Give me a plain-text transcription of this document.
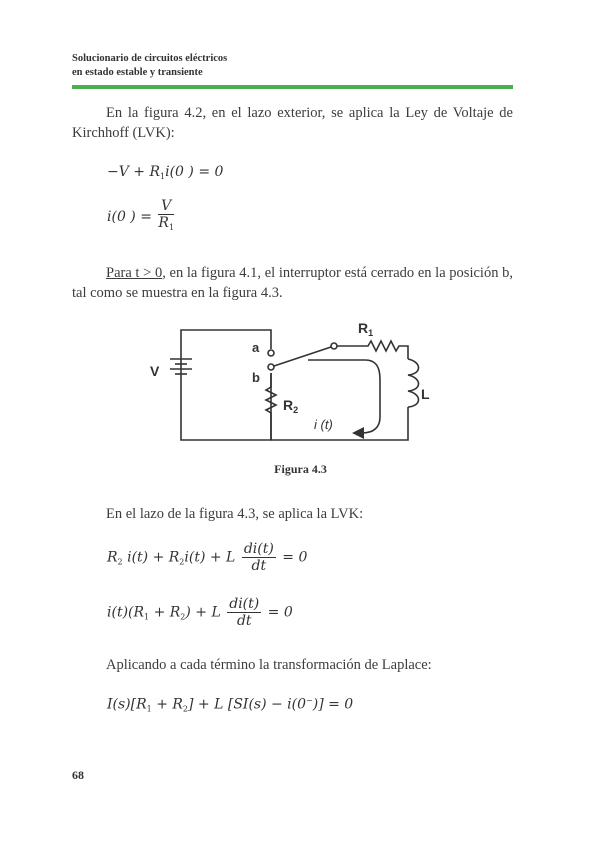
Solucionario de circuitos eléctricos
en estado estable y transiente
En la figura 4.2, en el lazo exterior, se aplica la Ley de Voltaje de Kirchhoff (LVK):
$-V + R_1i(0$ ) = 0
i(0 ) = $\frac{V}{R_1}$
Para t > 0, en la figura 4.1, el interruptor está cerrado en la posición b, tal como se muestra en la figura 4.3.
V
a
b
$R_1$
$R_2$
L
i (t)
Figura 4.3
En el lazo de la figura 4.3, se aplica la LVK:
$R_2$ $i(t) + R_2i(t) + L \frac{di(t)}{dt} = 0$
$i(t)(R_1 + R_2) + L \frac{di(t)}{dt} = 0$
Aplicando a cada término la transformación de Laplace:
$I(s)[R_1 + R_2] + L$ [SI(s) − i(0−)] = 0
68
